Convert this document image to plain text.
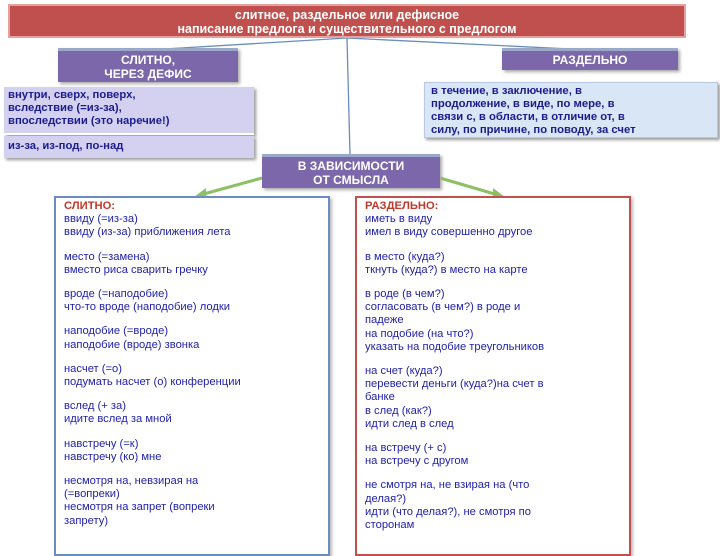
слитное, раздельное или дефисное
написание предлога и существительного с предлогом
СЛИТНО,
ЧЕРЕЗ ДЕФИС
РАЗДЕЛЬНО
внутри, сверх, поверх,
вследствие (=из-за),
впоследствии (это наречие!)
из-за, из-под, по-над
в течение, в заключение, в
продолжение, в виде, по мере, в
связи с, в области, в отличие от, в
силу, по причине, по поводу, за счет
В ЗАВИСИМОСТИ
ОТ СМЫСЛА
СЛИТНО:
ввиду (=из-за)
ввиду (из-за) приближения лета
место (=замена)
вместо риса сварить гречку
вроде (=наподобие)
что-то вроде (наподобие) лодки
наподобие (=вроде)
наподобие (вроде) звонка
насчет (=о)
подумать насчет (о) конференции
вслед (+ за)
идите вслед за мной
навстречу (=к)
навстречу (ко) мне
несмотря на, невзирая на
(=вопреки)
несмотря на запрет (вопреки
запрету)
РАЗДЕЛЬНО:
иметь в виду
имел в виду совершенно другое
в место (куда?)
ткнуть (куда?) в место на карте
в роде (в чем?)
согласовать (в чем?) в роде и
падеже
на подобие (на что?)
указать на подобие треугольников
на счет (куда?)
перевести деньги (куда?)на счет в
банке
в след (как?)
идти след в след
на встречу (+ с)
на встречу с другом
не смотря на, не взирая на (что
делая?)
идти (что делая?), не смотря по
сторонам
